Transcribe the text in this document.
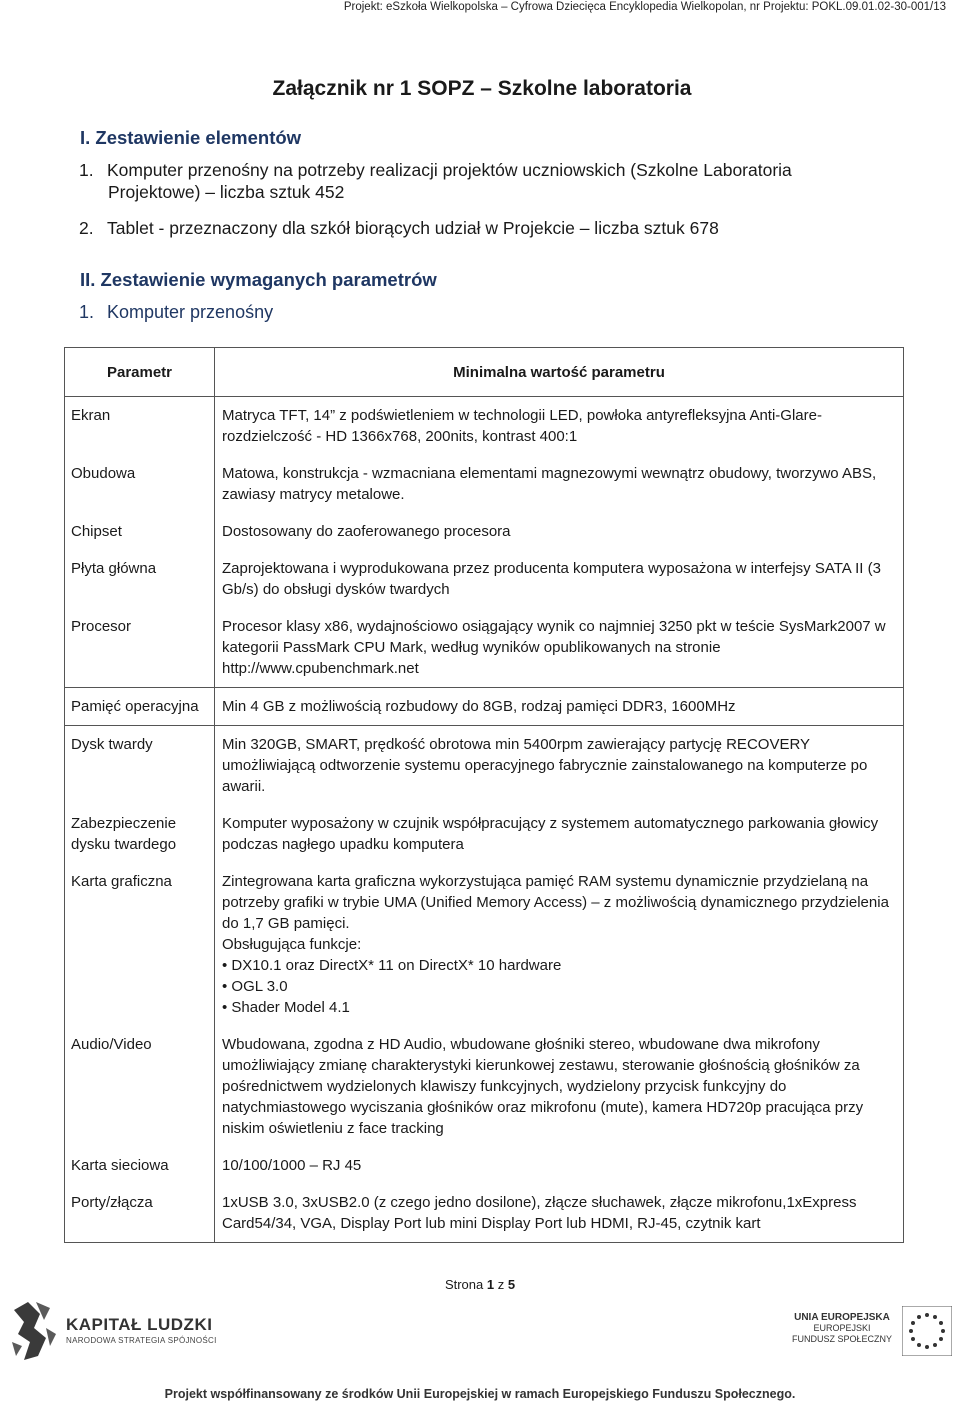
Projekt: eSzkoła Wielkopolska – Cyfrowa Dziecięca Encyklopedia Wielkopolan, nr Projektu: POKL.09.01.02-30-001/13
Załącznik nr 1 SOPZ – Szkolne laboratoria
I. Zestawienie elementów
1. Komputer przenośny na potrzeby realizacji projektów uczniowskich (Szkolne Laboratoria
Projektowe) – liczba sztuk 452
2. Tablet - przeznaczony dla szkół biorących udział w Projekcie – liczba sztuk 678
II. Zestawienie wymaganych parametrów
1. Komputer przenośny
Parametr	Minimalna wartość parametru
Ekran	Matryca TFT, 14” z podświetleniem w technologii LED, powłoka antyrefleksyjna Anti-Glare-rozdzielczość - HD 1366x768, 200nits, kontrast 400:1
Obudowa	Matowa, konstrukcja - wzmacniana elementami magnezowymi wewnątrz obudowy, tworzywo ABS, zawiasy matrycy metalowe.
Chipset	Dostosowany do zaoferowanego procesora
Płyta główna	Zaprojektowana i wyprodukowana przez producenta komputera wyposażona w interfejsy SATA II (3 Gb/s) do obsługi dysków twardych
Procesor	Procesor klasy x86, wydajnościowo osiągający wynik co najmniej 3250 pkt w teście SysMark2007 w kategorii PassMark CPU Mark, według wyników opublikowanych na stronie http://www.cpubenchmark.net
Pamięć operacyjna	Min 4 GB z możliwością rozbudowy do 8GB, rodzaj pamięci DDR3, 1600MHz
Dysk twardy	Min 320GB, SMART, prędkość obrotowa min 5400rpm zawierający partycję RECOVERY umożliwiającą odtworzenie systemu operacyjnego fabrycznie zainstalowanego na komputerze po awarii.
Zabezpieczenie dysku twardego	Komputer wyposażony w czujnik współpracujący z systemem automatycznego parkowania głowicy podczas nagłego upadku komputera
Karta graficzna	Zintegrowana karta graficzna wykorzystująca pamięć RAM systemu dynamicznie przydzielaną na potrzeby grafiki w trybie UMA (Unified Memory Access) – z możliwością dynamicznego przydzielenia do 1,7 GB pamięci.
Obsługująca funkcje:
• DX10.1 oraz DirectX* 11 on DirectX* 10 hardware
• OGL 3.0
• Shader Model 4.1

Audio/Video	Wbudowana, zgodna z HD Audio, wbudowane głośniki stereo, wbudowane dwa mikrofony umożliwiający zmianę charakterystyki kierunkowej zestawu, sterowanie głośnością głośników za pośrednictwem wydzielonych klawiszy funkcyjnych, wydzielony przycisk funkcyjny do natychmiastowego wyciszania głośników oraz mikrofonu (mute), kamera HD720p pracująca przy niskim oświetleniu z face tracking
Karta sieciowa	10/100/1000 – RJ 45
Porty/złącza	1xUSB 3.0, 3xUSB2.0 (z czego jedno dosilone), złącze słuchawek, złącze mikrofonu,1xExpress Card54/34, VGA, Display Port lub mini Display Port lub HDMI, RJ-45, czytnik kart
Strona 1 z 5
KAPITAŁ LUDZKI
NARODOWA STRATEGIA SPÓJNOŚCI
UNIA EUROPEJSKA
EUROPEJSKI
FUNDUSZ SPOŁECZNY
Projekt współfinansowany ze środków Unii Europejskiej w ramach Europejskiego Funduszu Społecznego.
